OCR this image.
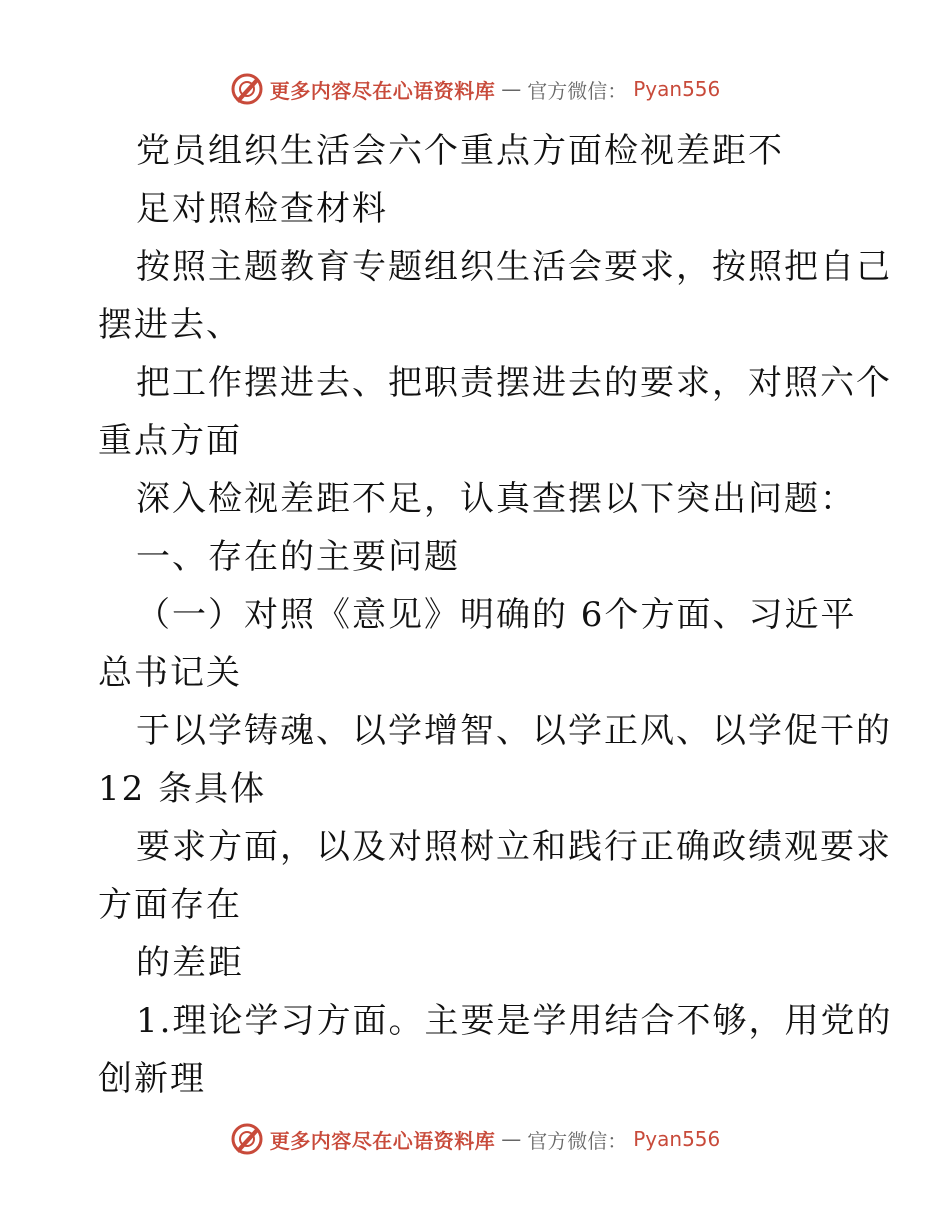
更多内容尽在心语资料库 — 官方微信： Pyan556
党员组织生活会六个重点方面检视差距不
足对照检查材料
按照主题教育专题组织生活会要求，按照把自己
摆进去、
把工作摆进去、把职责摆进去的要求，对照六个
重点方面
深入检视差距不足，认真查摆以下突出问题：
一、存在的主要问题
（一）对照《意见》明确的 6个方面、习近平
总书记关
于以学铸魂、以学增智、以学正风、以学促干的
12 条具体
要求方面，以及对照树立和践行正确政绩观要求
方面存在
的差距
1.理论学习方面。主要是学用结合不够，用党的
创新理
更多内容尽在心语资料库 — 官方微信： Pyan556
